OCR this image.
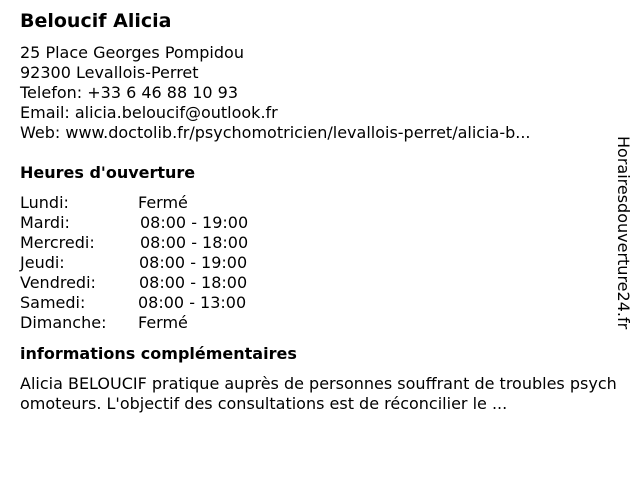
Beloucif Alicia
25 Place Georges Pompidou
92300 Levallois-Perret
Telefon: +33 6 46 88 10 93
Email: alicia.beloucif@outlook.fr
Web: www.doctolib.fr/psychomotricien/levallois-perret/alicia-b...
Heures d'ouverture
Lundi:	Fermé
Mardi:	08:00 - 19:00
Mercredi:	08:00 - 18:00
Jeudi:	08:00 - 19:00
Vendredi:	08:00 - 18:00
Samedi:	08:00 - 13:00
Dimanche: Fermé
informations complémentaires
Alicia BELOUCIF pratique auprès de personnes souffrant de troubles psychomoteurs. L'objectif des consultations est de réconcilier le ...
Horairesdouverture24.fr
